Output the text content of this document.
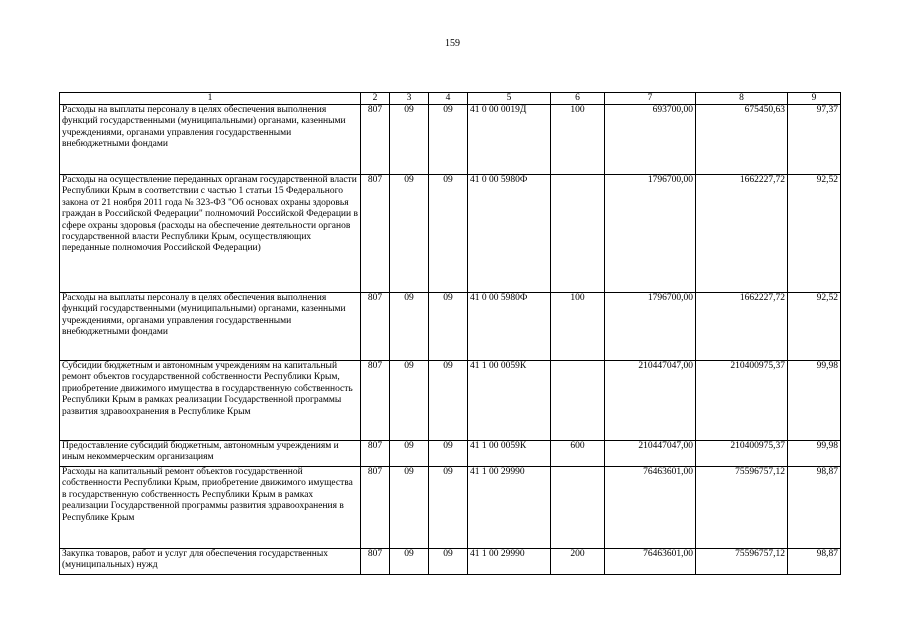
159
1	2	3	4	5	6	7	8	9
Расходы на выплаты персоналу в целях обеспечения выполнения функций государственными (муниципальными) органами, казенными учреждениями, органами управления государственными внебюджетными фондами	807	09	09	41 0 00 0019Д	100	693700,00	675450,63	97,37
Расходы на осуществление переданных органам государственной власти Республики Крым в соответствии с частью 1 статьи 15 Федерального закона от 21 ноября 2011 года № 323-ФЗ "Об основах охраны здоровья граждан в Российской Федерации" полномочий Российской Федерации в сфере охраны здоровья (расходы на обеспечение деятельности органов государственной власти Республики Крым, осуществляющих переданные полномочия Российской Федерации)	807	09	09	41 0 00 5980Ф		1796700,00	1662227,72	92,52
Расходы на выплаты персоналу в целях обеспечения выполнения функций государственными (муниципальными) органами, казенными учреждениями, органами управления государственными внебюджетными фондами	807	09	09	41 0 00 5980Ф	100	1796700,00	1662227,72	92,52
Субсидии бюджетным и автономным учреждениям на капитальный ремонт объектов государственной собственности Республики Крым, приобретение движимого имущества в государственную собственность Республики Крым в рамках реализации Государственной программы развития здравоохранения в Республике Крым	807	09	09	41 1 00 0059К		210447047,00	210400975,37	99,98
Предоставление субсидий бюджетным, автономным учреждениям и иным некоммерческим организациям	807	09	09	41 1 00 0059К	600	210447047,00	210400975,37	99,98
Расходы на капитальный ремонт объектов государственной собственности Республики Крым, приобретение движимого имущества в государственную собственность Республики Крым в рамках реализации Государственной программы развития здравоохранения в Республике Крым	807	09	09	41 1 00 29990		76463601,00	75596757,12	98,87
Закупка товаров, работ и услуг для обеспечения государственных (муниципальных) нужд	807	09	09	41 1 00 29990	200	76463601,00	75596757,12	98,87
